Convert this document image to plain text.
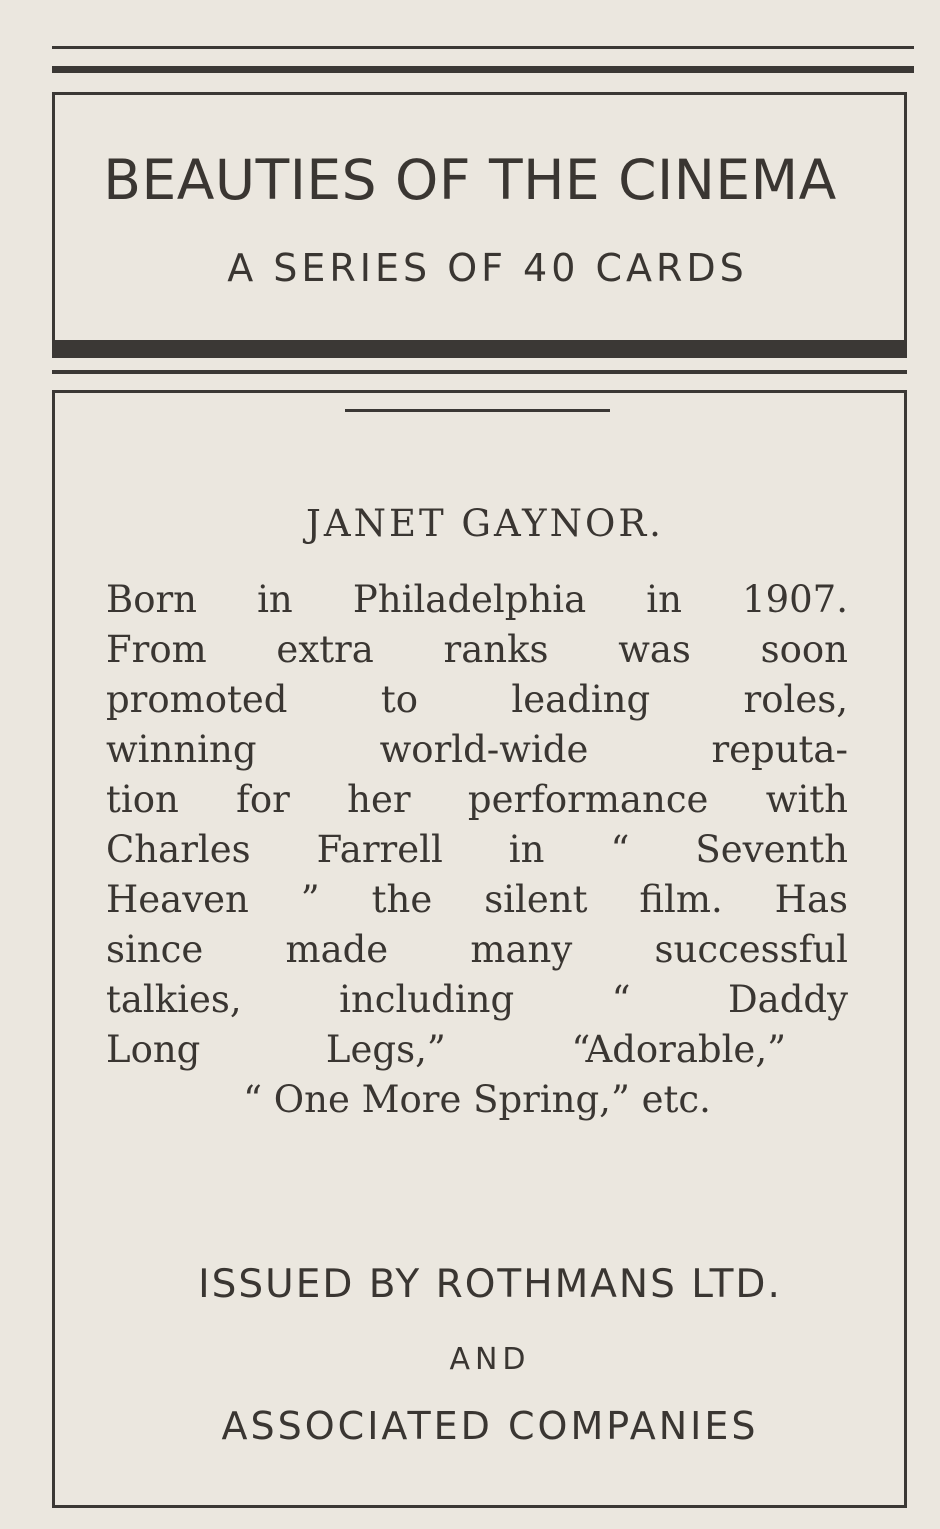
BEAUTIES OF THE CINEMA
A SERIES OF 40 CARDS
JANET GAYNOR.
Born in Philadelphia in 1907.
From extra ranks was soon
promoted to leading roles,
winning world-wide reputa-
tion for her performance with
Charles Farrell in “ Seventh
Heaven ” the silent film. Has
since made many successful
talkies, including “ Daddy
Long Legs,” “Adorable,”
“ One More Spring,” etc.
ISSUED BY ROTHMANS LTD.
AND
ASSOCIATED COMPANIES
